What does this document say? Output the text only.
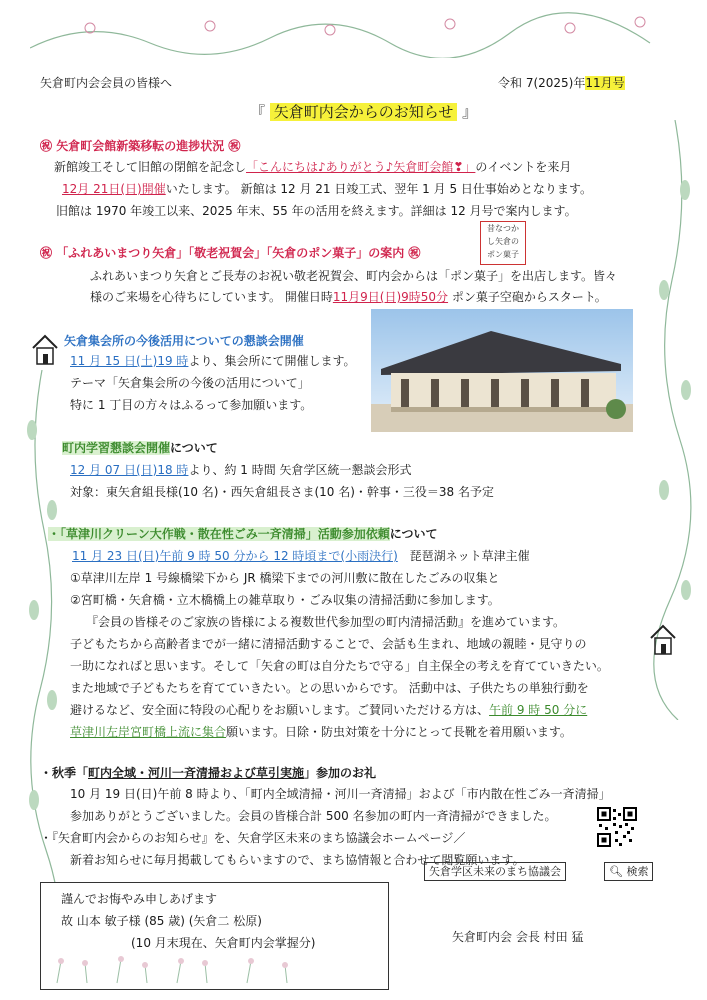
矢倉町内会会員の皆様へ	令和 7(2025)年11月号
『 矢倉町内会からのお知らせ 』
㊗ 矢倉町会館新築移転の進捗状況 ㊗
新館竣工そして旧館の閉館を記念し「こんにちは♪ありがとう♪矢倉町会館❣」のイベントを来月
12月 21日(日)開催いたします。 新館は 12 月 21 日竣工式、翌年 1 月 5 日仕事始めとなります。
旧館は 1970 年竣工以来、2025 年末、55 年の活用を終えます。詳細は 12 月号で案内します。
㊗ 「ふれあいまつり矢倉」「敬老祝賀会」「矢倉のポン菓子」の案内 ㊗
昔なつか
し矢倉の
ポン菓子
ふれあいまつり矢倉とご長寿のお祝い敬老祝賀会、町内会からは「ポン菓子」を出店します。皆々
様のご来場を心待ちにしています。 開催日時11月9日(日)9時50分 ポン菓子空砲からスタート。
矢倉集会所の今後活用についての懇談会開催
11 月 15 日(土)19 時より、集会所にて開催します。
テーマ「矢倉集会所の今後の活用について」
特に 1 丁目の方々はふるって参加願います。
町内学習懇談会開催について
12 月 07 日(日)18 時より、約 1 時間 矢倉学区統一懇談会形式
対象：東矢倉組長様(10 名)・西矢倉組長さま(10 名)・幹事・三役＝38 名予定
・「草津川クリーン大作戦・散在性ごみ一斉清掃」活動参加依頼について
11 月 23 日(日)午前 9 時 50 分から 12 時頃まで(小雨決行) 琵琶湖ネット草津主催
①草津川左岸 1 号線橋梁下から JR 橋梁下までの河川敷に散在したごみの収集と
②宮町橋・矢倉橋・立木橋橋上の雑草取り・ごみ収集の清掃活動に参加します。
『会員の皆様そのご家族の皆様による複数世代参加型の町内清掃活動』を進めています。
子どもたちから高齢者までが一緒に清掃活動することで、会話も生まれ、地域の親睦・見守りの
一助になればと思います。そして「矢倉の町は自分たちで守る」自主保全の考えを育てていきたい。
また地域で子どもたちを育てていきたい。との思いからです。 活動中は、子供たちの単独行動を
避けるなど、安全面に特段の心配りをお願いします。ご賛同いただける方は、午前 9 時 50 分に
草津川左岸宮町橋上流に集合願います。日除・防虫対策を十分にとって長靴を着用願います。
・秋季「町内全域・河川一斉清掃および草引実施」参加のお礼
10 月 19 日(日)午前 8 時より、「町内全域清掃・河川一斉清掃」および「市内散在性ごみ一斉清掃」
参加ありがとうございました。会員の皆様合計 500 名参加の町内一斉清掃ができました。
・『矢倉町内会からのお知らせ』を、矢倉学区未来のまち協議会ホームページ／
新着お知らせに毎月掲載してもらいますので、まち協情報と合わせて閲覧願います。
矢倉学区未来のまち協議会	🔍︎ 検索
謹んでお悔やみ申しあげます
故 山本 敏子様 (85 歳) (矢倉二 松原)
(10 月末現在、矢倉町内会掌握分)	矢倉町内会 会長 村田 猛
